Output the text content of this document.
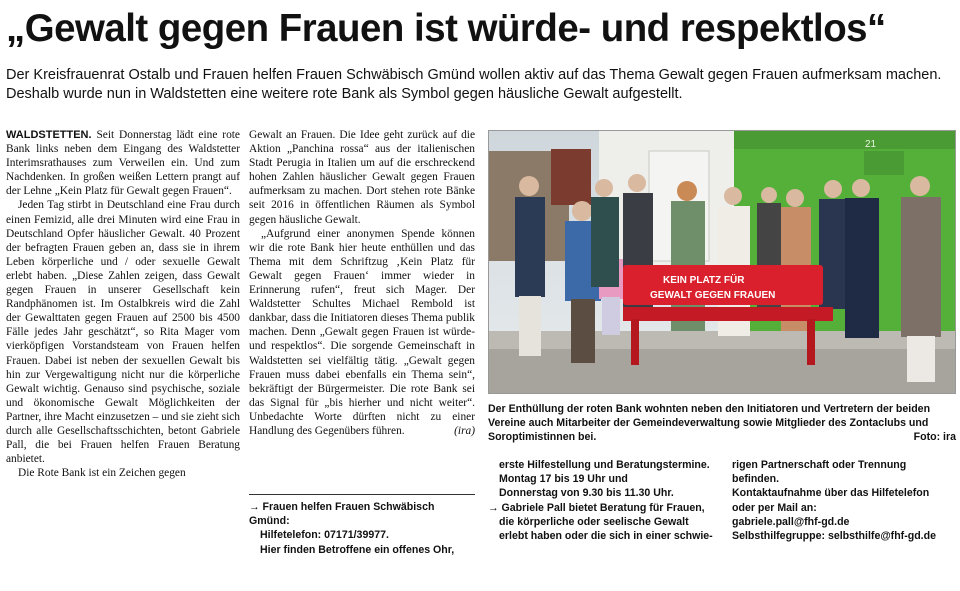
„Gewalt gegen Frauen ist würde- und respektlos“
Der Kreisfrauenrat Ostalb und Frauen helfen Frauen Schwäbisch Gmünd wollen aktiv auf das Thema Gewalt gegen Frauen aufmerksam machen. Deshalb wurde nun in Waldstetten eine weitere rote Bank als Symbol gegen häusliche Gewalt aufgestellt.

WALDSTETTEN. Seit Donnerstag lädt eine rote Bank links neben dem Eingang des Waldstetter Interimsrathauses zum Verweilen ein. Und zum Nachdenken. In großen weißen Lettern prangt auf der Lehne „Kein Platz für Gewalt gegen Frauen“.

Jeden Tag stirbt in Deutschland eine Frau durch einen Femizid, alle drei Minuten wird eine Frau in Deutschland Opfer häuslicher Gewalt. 40 Prozent der befragten Frauen geben an, dass sie in ihrem Leben körperliche und / oder sexuelle Gewalt erlebt haben. „Diese Zahlen zeigen, dass Gewalt gegen Frauen in unserer Gesellschaft kein Randphänomen ist. Im Ostalbkreis wird die Zahl der Gewalttaten gegen Frauen auf 2500 bis 4500 Fälle jedes Jahr geschätzt“, so Rita Mager vom vierköpfigen Vorstandsteam von Frauen helfen Frauen. Dabei ist neben der sexuellen Gewalt bis hin zur Vergewaltigung nicht nur die körperliche Gewalt wichtig. Genauso sind psychische, soziale und ökonomische Gewalt Möglichkeiten der Partner, ihre Macht einzusetzen – und sie zieht sich durch alle Gesellschaftsschichten, betont Gabriele Pall, die bei Frauen helfen Frauen Beratung anbietet.

Die Rote Bank ist ein Zeichen gegen

Gewalt an Frauen. Die Idee geht zurück auf die Aktion „Panchina rossa“ aus der italienischen Stadt Perugia in Italien um auf die erschreckend hohen Zahlen häuslicher Gewalt gegen Frauen aufmerksam zu machen. Dort stehen rote Bänke seit 2016 in öffentlichen Räumen als Symbol gegen häusliche Gewalt.

„Aufgrund einer anonymen Spende können wir die rote Bank hier heute enthüllen und das Thema mit dem Schriftzug ‚Kein Platz für Gewalt gegen Frauen‘ immer wieder in Erinnerung rufen“, freut sich Mager. Der Waldstetter Schultes Michael Rembold ist dankbar, dass die Initiatoren dieses Thema publik machen. Denn „Gewalt gegen Frauen ist würde- und respektlos“. Die sorgende Gemeinschaft in Waldstetten sei vielfältig tätig. „Gewalt gegen Frauen muss dabei ebenfalls ein Thema sein“, bekräftigt der Bürgermeister. Die rote Bank sei das Signal für „bis hierher und nicht weiter“. Unbedachte Worte dürften nicht zu einer Handlung des Gegenübers führen.	(ira)

→ Frauen helfen Frauen Schwäbisch Gmünd:
Hilfetelefon: 07171/39977.
Hier finden Betroffene ein offenes Ohr,
21
KEIN PLATZ FÜR
GEWALT GEGEN FRAUEN
Der Enthüllung der roten Bank wohnten neben den Initiatoren und Vertretern der beiden Vereine auch Mitarbeiter der Gemeindeverwaltung sowie Mitglieder des Zontaclubs und Soroptimistinnen bei.	Foto: ira
erste Hilfestellung und Beratungstermine.
Montag 17 bis 19 Uhr und
Donnerstag von 9.30 bis 11.30 Uhr.
→ Gabriele Pall bietet Beratung für Frauen,
die körperliche oder seelische Gewalt
erlebt haben oder die sich in einer schwie-
rigen Partnerschaft oder Trennung
befinden.
Kontaktaufnahme über das Hilfetelefon
oder per Mail an:
gabriele.pall@fhf-gd.de
Selbsthilfegruppe: selbsthilfe@fhf-gd.de
